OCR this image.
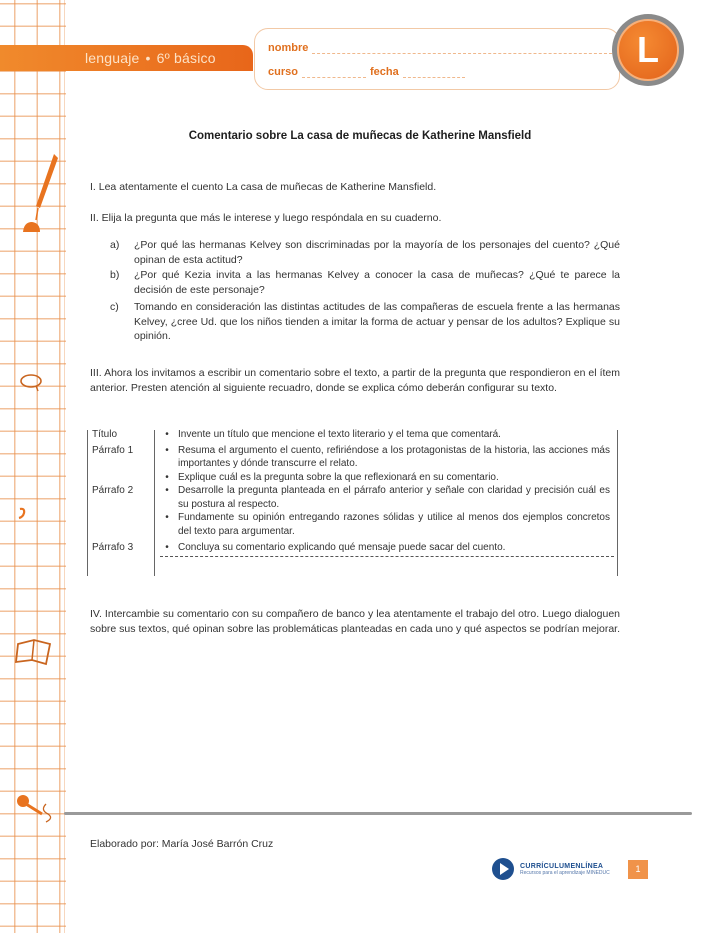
lenguaje • 6º básico
nombre
curso	fecha
L
Comentario sobre La casa de muñecas de Katherine Mansfield
I. Lea atentamente el cuento La casa de muñecas de Katherine Mansfield.
II. Elija la pregunta que más le interese y luego respóndala en su cuaderno.
a)	¿Por qué las hermanas Kelvey son discriminadas por la mayoría de los personajes del cuento? ¿Qué opinan de esta actitud?
b)	¿Por qué Kezia invita a las hermanas Kelvey a conocer la casa de muñecas? ¿Qué te parece la decisión de este personaje?
c)	Tomando en consideración las distintas actitudes de las compañeras de escuela frente a las hermanas Kelvey, ¿cree Ud. que los niños tienden a imitar la forma de actuar y pensar de los adultos? Explique su opinión.
III. Ahora los invitamos a escribir un comentario sobre el texto, a partir de la pregunta que respondieron en el ítem anterior. Presten atención al siguiente recuadro, donde se explica cómo deberán configurar su texto.
Título	• Invente un título que mencione el texto literario y el tema que comentará.
Párrafo 1	• Resuma el argumento el cuento, refiriéndose a los protagonistas de la historia, las acciones más importantes y dónde transcurre el relato.
• Explique cuál es la pregunta sobre la que reflexionará en su comentario.
Párrafo 2	• Desarrolle la pregunta planteada en el párrafo anterior y señale con claridad y precisión cuál es su postura al respecto.
• Fundamente su opinión entregando razones sólidas y utilice al menos dos ejemplos concretos del texto para argumentar.
Párrafo 3	• Concluya su comentario explicando qué mensaje puede sacar del cuento.
IV. Intercambie su comentario con su compañero de banco y lea atentamente el trabajo del otro. Luego dialoguen sobre sus textos, qué opinan sobre las problemáticas planteadas en cada uno y qué aspectos se podrían mejorar.
Elaborado por: María José Barrón Cruz
CURRÍCULUMENLÍNEA
Recursos para el aprendizaje MINEDUC	1
